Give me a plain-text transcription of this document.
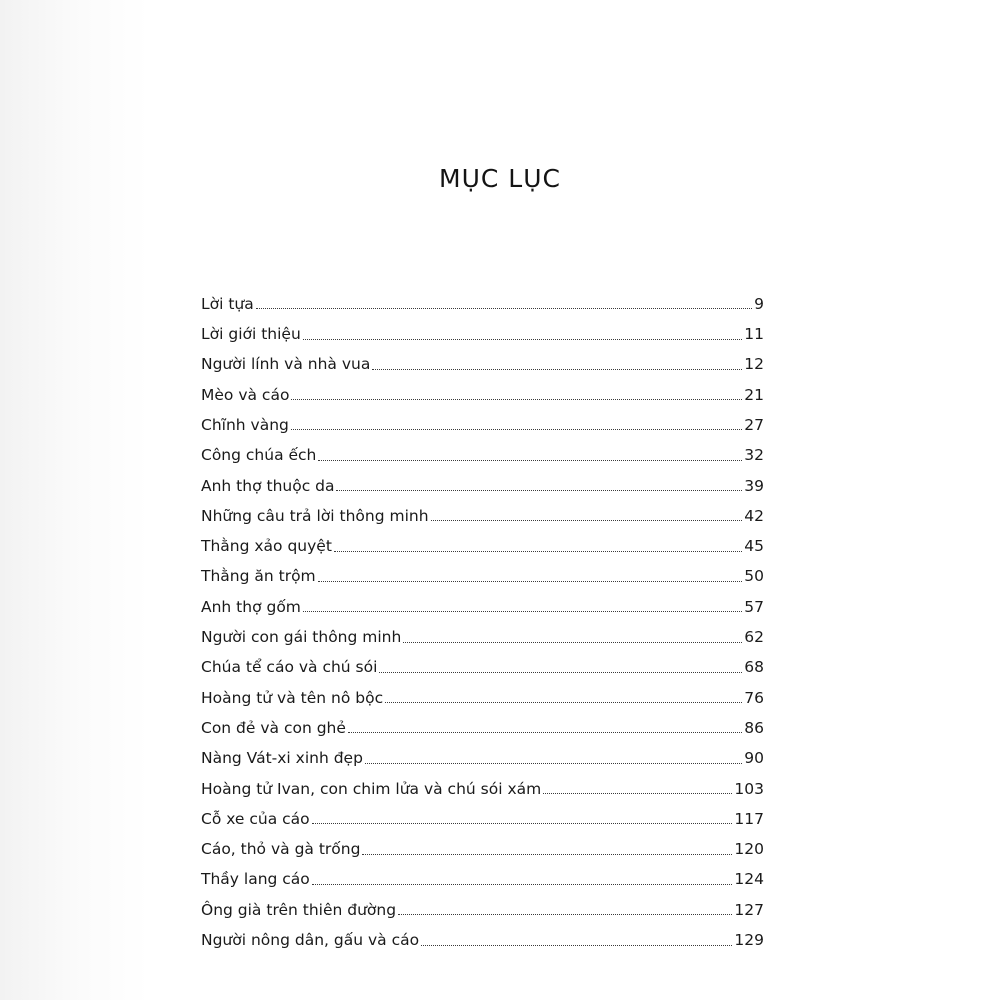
MỤC LỤC
Lời tựa	9
Lời giới thiệu	11
Người lính và nhà vua	12
Mèo và cáo	21
Chĩnh vàng	27
Công chúa ếch	32
Anh thợ thuộc da	39
Những câu trả lời thông minh	42
Thằng xảo quyệt	45
Thằng ăn trộm	50
Anh thợ gốm	57
Người con gái thông minh	62
Chúa tể cáo và chú sói	68
Hoàng tử và tên nô bộc	76
Con đẻ và con ghẻ	86
Nàng Vát-xi xinh đẹp	90
Hoàng tử Ivan, con chim lửa và chú sói xám	103
Cỗ xe của cáo	117
Cáo, thỏ và gà trống	120
Thầy lang cáo	124
Ông già trên thiên đường	127
Người nông dân, gấu và cáo	129
